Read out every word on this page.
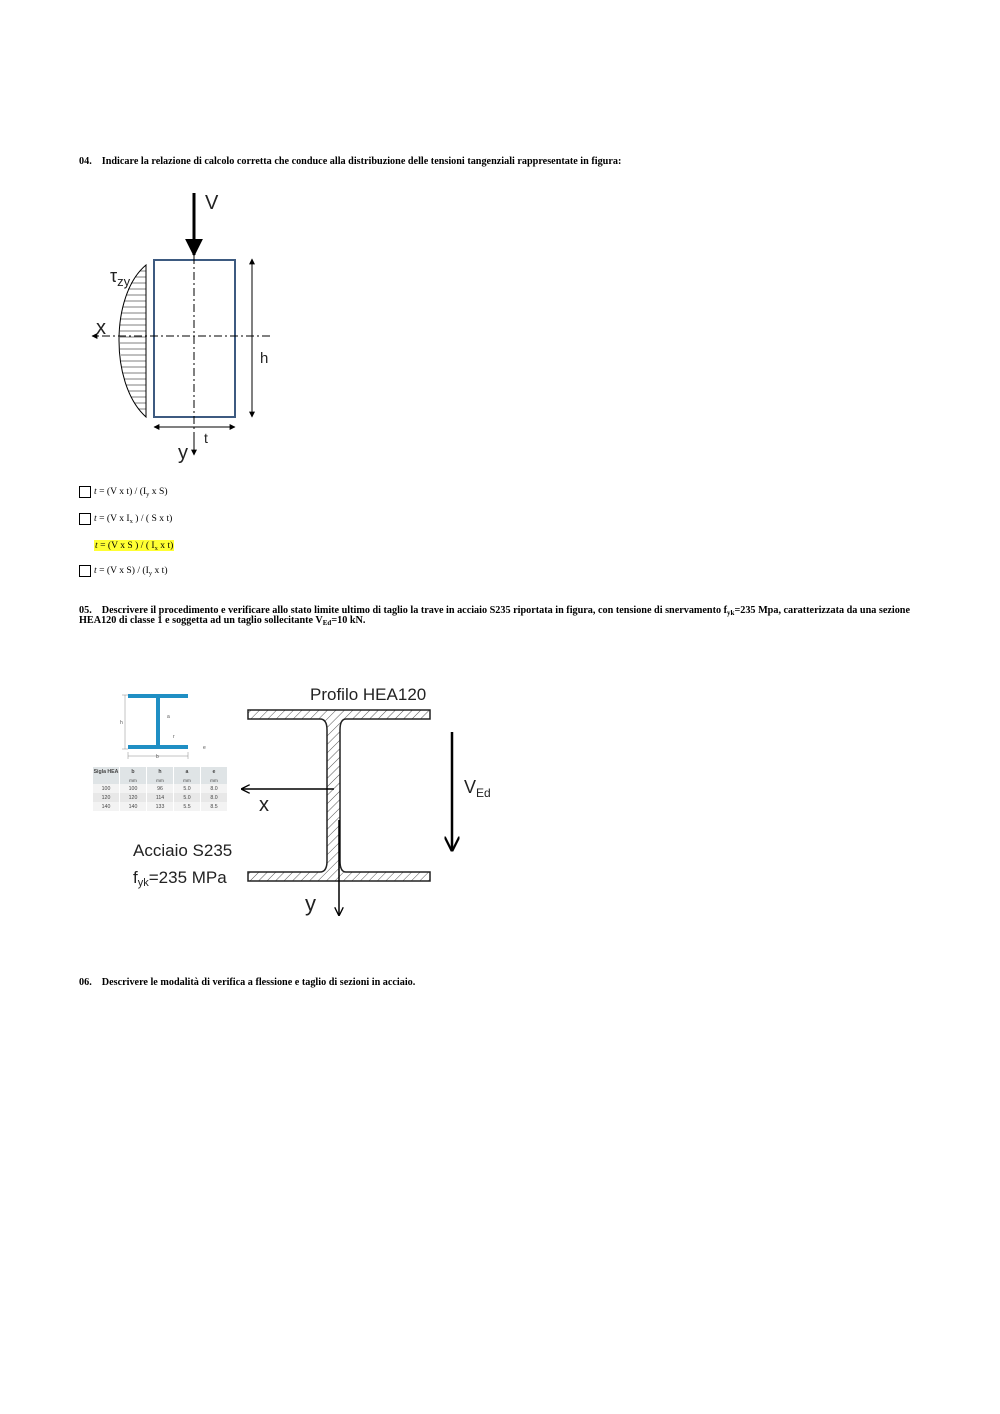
04. Indicare la relazione di calcolo corretta che conduce alla distribuzione delle tensioni tangenziali rappresentate in figura:
V
$\tau_{zy}$
x
h
t
y
t = (V x $t) / (I_y$ x S)
t = (V x $I_x$ ) / ( S x t)
t = (V x S ) / ( $I_x$ x t)
t = (V x $S) / (I_y$ x t)
05. Descrivere il procedimento e verificare allo stato limite ultimo di taglio la trave in acciaio S235 riportata in figura, con tensione di snervamento $f_{yk}=235$ Mpa, caratterizzata da una sezione HEA120 di classe 1 e soggetta ad un taglio sollecitante $V_{Ed}=10$ kN.
h
a
r
e
b
Sigla HEA	b	h	a	e
	mm	mm	mm	mm
100	100	96	5.0	8.0
120	120	114	5.0	8.0
140	140	133	5.5	8.5
Acciaio S235
$f_{yk}=235$ MPa
Profilo HEA120
x
y
$V_{Ed}$
06. Descrivere le modalità di verifica a flessione e taglio di sezioni in acciaio.
